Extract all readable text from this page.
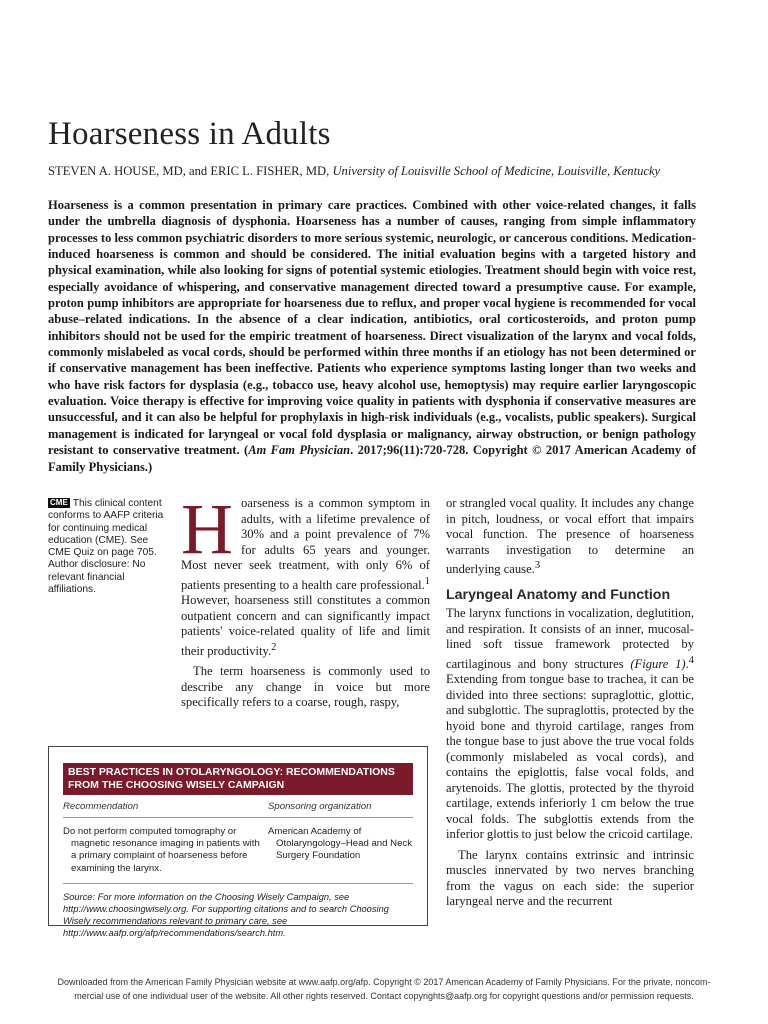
Hoarseness in Adults
STEVEN A. HOUSE, MD, and ERIC L. FISHER, MD, University of Louisville School of Medicine, Louisville, Kentucky

Hoarseness is a common presentation in primary care practices. Combined with other voice-related changes, it falls under the umbrella diagnosis of dysphonia. Hoarseness has a number of causes, ranging from simple inflammatory processes to less common psychiatric disorders to more serious systemic, neurologic, or cancerous conditions. Medication-induced hoarseness is common and should be considered. The initial evaluation begins with a targeted history and physical examination, while also looking for signs of potential systemic etiologies. Treatment should begin with voice rest, especially avoidance of whispering, and conservative management directed toward a presumptive cause. For example, proton pump inhibitors are appropriate for hoarseness due to reflux, and proper vocal hygiene is recommended for vocal abuse–related indications. In the absence of a clear indication, antibiotics, oral corticosteroids, and proton pump inhibitors should not be used for the empiric treatment of hoarseness. Direct visualization of the larynx and vocal folds, commonly mislabeled as vocal cords, should be performed within three months if an etiology has not been determined or if conservative management has been ineffective. Patients who experience symptoms lasting longer than two weeks and who have risk factors for dysplasia (e.g., tobacco use, heavy alcohol use, hemoptysis) may require earlier laryngoscopic evaluation. Voice therapy is effective for improving voice quality in patients with dysphonia if conservative measures are unsuccessful, and it can also be helpful for prophylaxis in high-risk individuals (e.g., vocalists, public speakers). Surgical management is indicated for laryngeal or vocal fold dysplasia or malignancy, airway obstruction, or benign pathology resistant to conservative treatment. (Am Fam Physician. 2017;96(11):720-728. Copyright © 2017 American Academy of Family Physicians.)

CME This clinical content conforms to AAFP criteria for continuing medical education (CME). See CME Quiz on page 705. Author disclosure: No relevant financial affiliations.

Hoarseness is a common symptom in adults, with a lifetime prevalence of 30% and a point prevalence of 7% for adults 65 years and younger. Most never seek treatment, with only 6% of patients presenting to a health care professional.$^1$ However, hoarseness still constitutes a common outpatient concern and can significantly impact patients' voice-related quality of life and limit their productivity.$^2$

The term hoarseness is commonly used to describe any change in voice but more specifically refers to a coarse, rough, raspy,

or strangled vocal quality. It includes any change in pitch, loudness, or vocal effort that impairs vocal function. The presence of hoarseness warrants investigation to determine an underlying cause.$^3$

Laryngeal Anatomy and Function

The larynx functions in vocalization, deglutition, and respiration. It consists of an inner, mucosal-lined soft tissue framework protected by cartilaginous and bony structures (Figure 1).$^4$ Extending from tongue base to trachea, it can be divided into three sections: supraglottic, glottic, and subglottic. The supraglottis, protected by the hyoid bone and thyroid cartilage, ranges from the tongue base to just above the true vocal folds (commonly mislabeled as vocal cords), and contains the epiglottis, false vocal folds, and arytenoids. The glottis, protected by the thyroid cartilage, extends inferiorly 1 cm below the true vocal folds. The subglottis extends from the inferior glottis to just below the cricoid cartilage.

The larynx contains extrinsic and intrinsic muscles innervated by two nerves branching from the vagus on each side: the superior laryngeal nerve and the recurrent

BEST PRACTICES IN OTOLARYNGOLOGY: RECOMMENDATIONS FROM THE CHOOSING WISELY CAMPAIGN
Recommendation	Sponsoring organization
Do not perform computed tomography or magnetic resonance imaging in patients with a primary complaint of hoarseness before examining the larynx.
American Academy of Otolaryngology–Head and Neck Surgery Foundation
Source: For more information on the Choosing Wisely Campaign, see http://www.choosingwisely.org. For supporting citations and to search Choosing Wisely recommendations relevant to primary care, see http://www.aafp.org/afp/recommendations/search.htm.
Downloaded from the American Family Physician website at www.aafp.org/afp. Copyright © 2017 American Academy of Family Physicians. For the private, noncom-
mercial use of one individual user of the website. All other rights reserved. Contact copyrights@aafp.org for copyright questions and/or permission requests.
